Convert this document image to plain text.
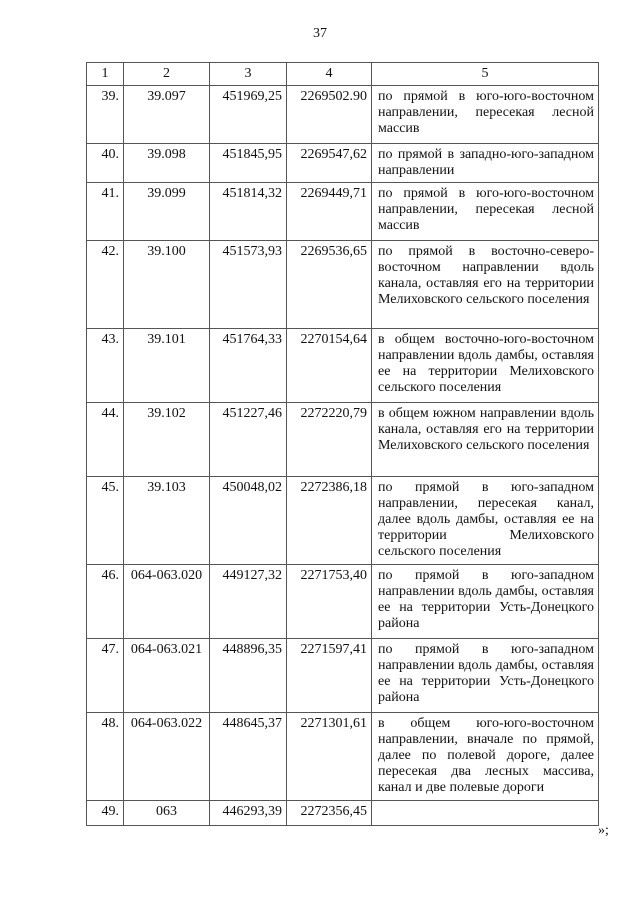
37
1	2	3	4	5
39.	39.097	451969,25	2269502.90	по прямой в юго-юго-восточном направлении, пересекая лесной массив
40.	39.098	451845,95	2269547,62	по прямой в западно-юго-западном направлении
41.	39.099	451814,32	2269449,71	по прямой в юго-юго-восточном направлении, пересекая лесной массив
42.	39.100	451573,93	2269536,65	по прямой в восточно-северо-восточном направлении вдоль канала, оставляя его на территории Мелиховского сельского поселения
43.	39.101	451764,33	2270154,64	в общем восточно-юго-восточном направлении вдоль дамбы, оставляя ее на территории Мелиховского сельского поселения
44.	39.102	451227,46	2272220,79	в общем южном направлении вдоль канала, оставляя его на территории Мелиховского сельского поселения
45.	39.103	450048,02	2272386,18	по прямой в юго-западном направлении, пересекая канал, далее вдоль дамбы, оставляя ее на территории Мелиховского сельского поселения
46.	064-063.020	449127,32	2271753,40	по прямой в юго-западном направлении вдоль дамбы, оставляя ее на территории Усть-Донецкого района
47.	064-063.021	448896,35	2271597,41	по прямой в юго-западном направлении вдоль дамбы, оставляя ее на территории Усть-Донецкого района
48.	064-063.022	448645,37	2271301,61	в общем юго-юго-восточном направлении, вначале по прямой, далее по полевой дороге, далее пересекая два лесных массива, канал и две полевые дороги
49.	063	446293,39	2272356,45	
»;
